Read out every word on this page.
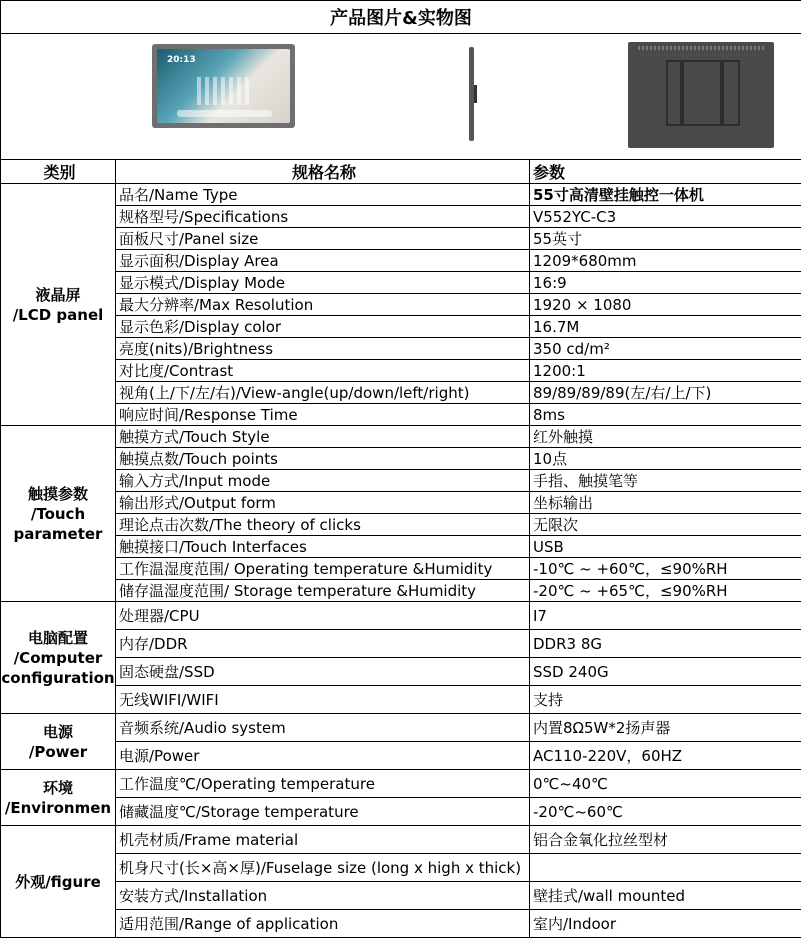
产品图片&实物图		

20:13		

类别	规格名称	参数

液晶屏
/LCD panel	品名/Name Type	55寸高清壁挂触控一体机
	规格型号/Specifications	V552YC-C3
	面板尺寸/Panel size	55英寸
	显示面积/Display Area	1209*680mm
	显示模式/Display Mode	16:9
	最大分辨率/Max Resolution	1920 × 1080
	显示色彩/Display color	16.7M
	亮度(nits)/Brightness	350 cd/m²
	对比度/Contrast	1200:1
	视角(上/下/左/右)/View-angle(up/down/left/right)	89/89/89/89(左/右/上/下)
	响应时间/Response Time	8ms

触摸参数
/Touch
parameter	触摸方式/Touch Style	红外触摸
	触摸点数/Touch points	10点
	输入方式/Input mode	手指、触摸笔等
	输出形式/Output form	坐标输出
	理论点击次数/The theory of clicks	无限次
	触摸接口/Touch Interfaces	USB
	工作温湿度范围/ Operating temperature &Humidity	-10℃ ~ +60℃，≤90%RH
	储存温湿度范围/ Storage temperature &Humidity	-20℃ ~ +65℃，≤90%RH

电脑配置
/Computer
configuration	处理器/CPU	I7
	内存/DDR	DDR3 8G
	固态硬盘/SSD	SSD 240G
	无线WIFI/WIFI	支持

电源
/Power	音频系统/Audio system	内置8Ω5W*2扬声器
	电源/Power	AC110-220V，60HZ

环境
/Environmen	工作温度℃/Operating temperature	0℃~40℃
	储藏温度℃/Storage temperature	-20℃~60℃

外观/figure	机壳材质/Frame material	铝合金氧化拉丝型材
	机身尺寸(长×高×厚)/Fuselage size (long x high x thick)	
	安装方式/Installation	壁挂式/wall mounted
	适用范围/Range of application	室内/Indoor
